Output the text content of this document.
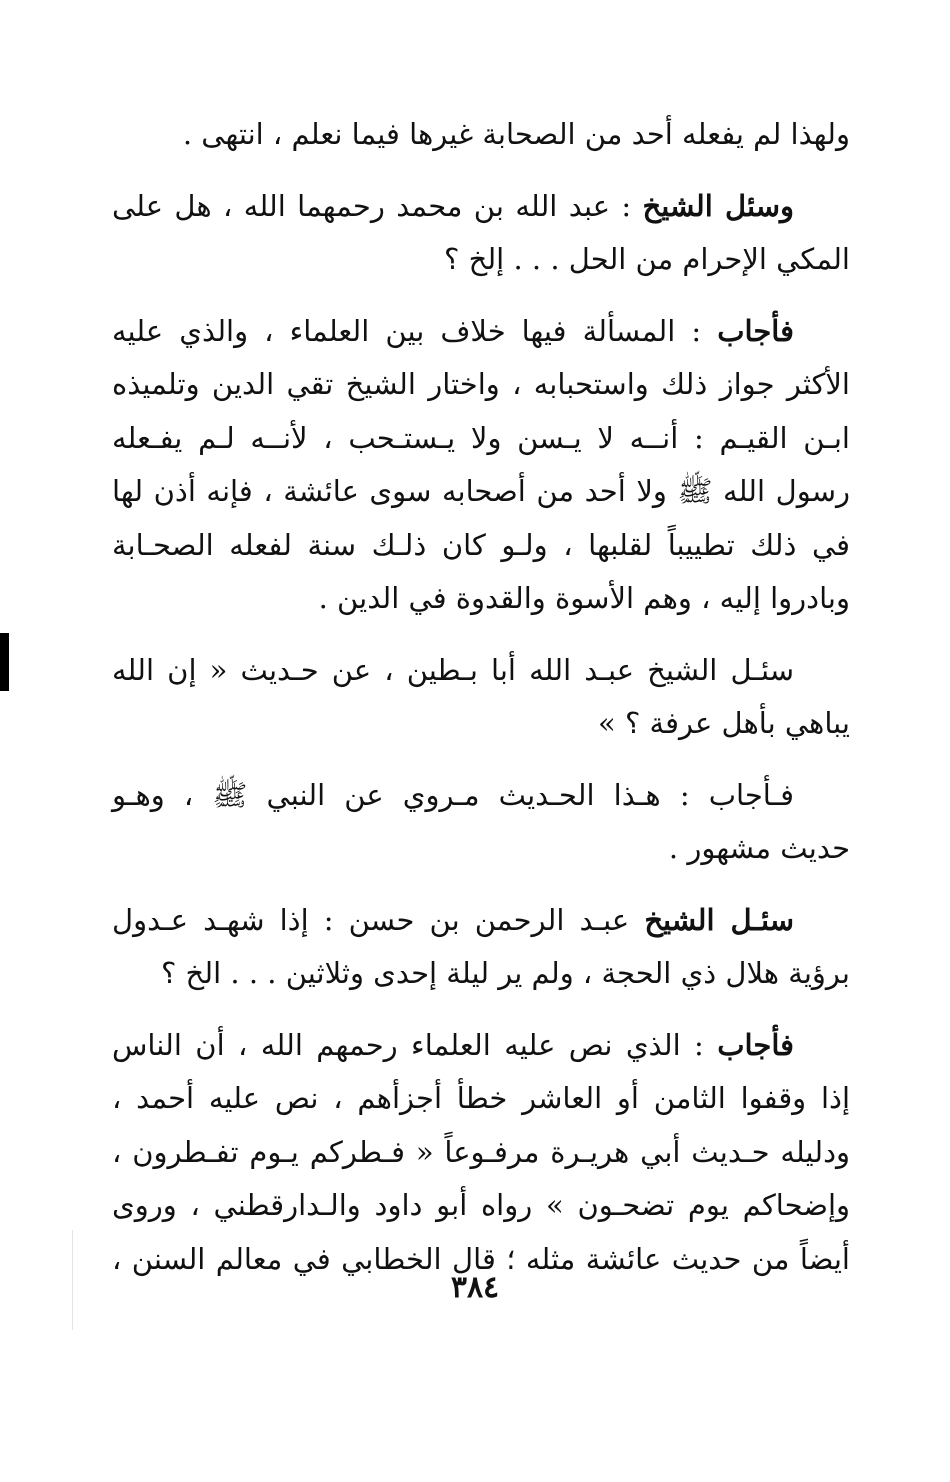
ولهذا لم يفعله أحد من الصحابة غيرها فيما نعلم ، انتهى .
وسئل الشيخ : عبد الله بن محمد رحمهما الله ، هل على
المكي الإحرام من الحل . . . إلخ ؟
فأجاب : المسألة فيها خلاف بين العلماء ، والذي عليه
الأكثر جواز ذلك واستحبابه ، واختار الشيخ تقي الدين وتلميذه
ابـن القيـم : أنــه لا يـسن ولا يـستـحب ، لأنــه لـم يفـعله
رسول الله ﷺ ولا أحد من أصحابه سوى عائشة ، فإنه أذن لها
في ذلك تطييباً لقلبها ، ولـو كان ذلـك سنة لفعله الصحـابة
وبادروا إليه ، وهم الأسوة والقدوة في الدين .
سئـل الشيخ عبـد الله أبا بـطين ، عن حـديث « إن الله
يباهي بأهل عرفة ؟ »
فـأجاب : هـذا الحـديث مـروي عن النبي ﷺ ، وهـو
حديث مشهور .
سئـل الشيخ عبـد الرحمن بن حسن : إذا شهـد عـدول
برؤية هلال ذي الحجة ، ولم ير ليلة إحدى وثلاثين . . . الخ ؟
فأجاب : الذي نص عليه العلماء رحمهم الله ، أن الناس
إذا وقفوا الثامن أو العاشر خطأ أجزأهم ، نص عليه أحمد ،
ودليله حـديث أبي هريـرة مرفـوعاً « فـطركم يـوم تفـطرون ،
وإضحاكم يوم تضحـون » رواه أبو داود والـدارقطني ، وروى
أيضاً من حديث عائشة مثله ؛ قال الخطابي في معالم السنن ،
٣٨٤
